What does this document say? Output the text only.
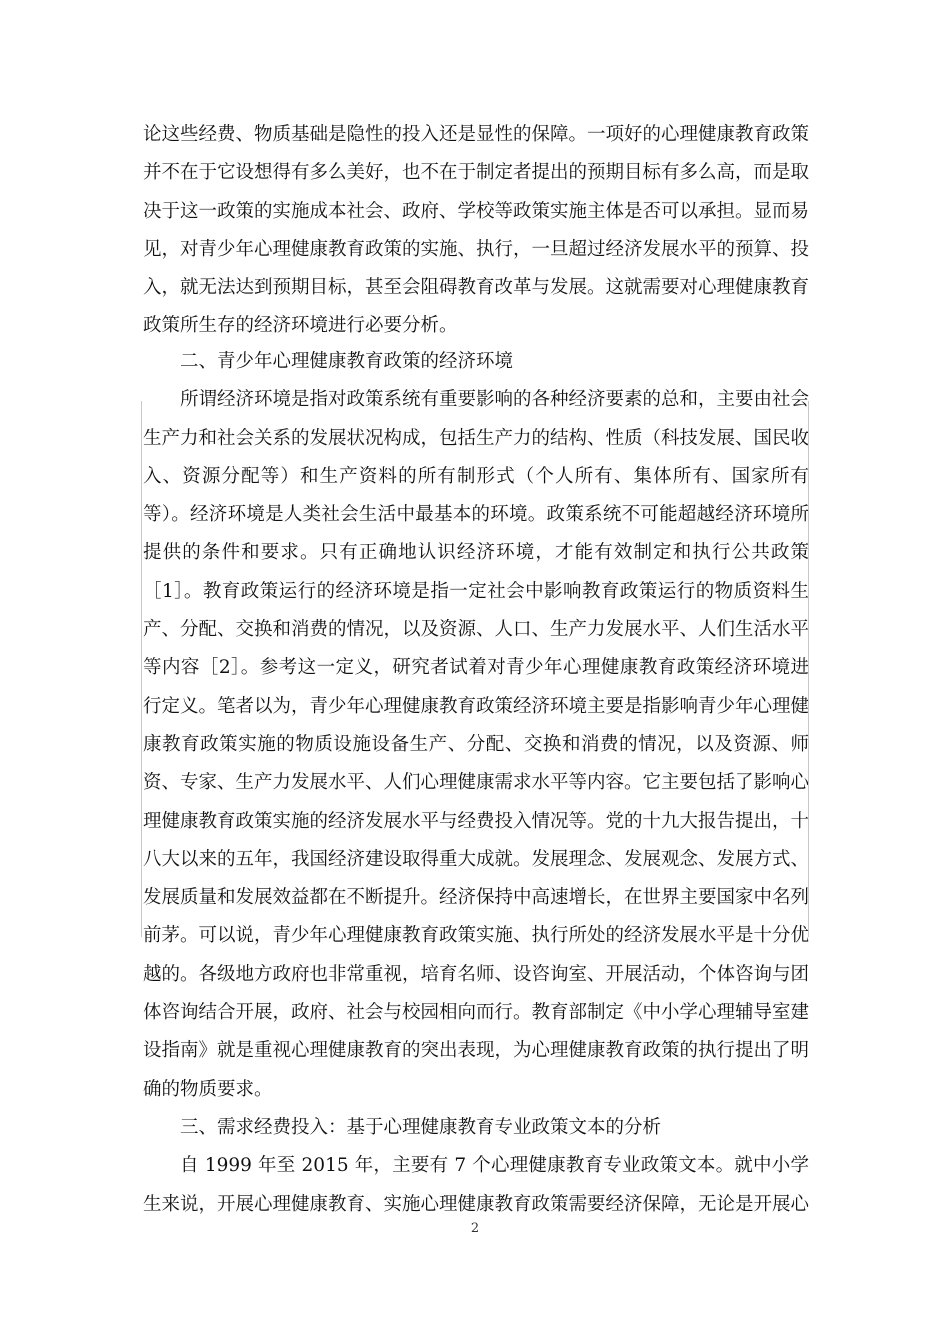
论这些经费、物质基础是隐性的投入还是显性的保障。一项好的心理健康教育政策并不在于它设想得有多么美好，也不在于制定者提出的预期目标有多么高，而是取决于这一政策的实施成本社会、政府、学校等政策实施主体是否可以承担。显而易见，对青少年心理健康教育政策的实施、执行，一旦超过经济发展水平的预算、投入，就无法达到预期目标，甚至会阻碍教育改革与发展。这就需要对心理健康教育政策所生存的经济环境进行必要分析。

二、青少年心理健康教育政策的经济环境

所谓经济环境是指对政策系统有重要影响的各种经济要素的总和，主要由社会生产力和社会关系的发展状况构成，包括生产力的结构、性质（科技发展、国民收入、资源分配等）和生产资料的所有制形式（个人所有、集体所有、国家所有等）。经济环境是人类社会生活中最基本的环境。政策系统不可能超越经济环境所提供的条件和要求。只有正确地认识经济环境，才能有效制定和执行公共政策［1］。教育政策运行的经济环境是指一定社会中影响教育政策运行的物质资料生产、分配、交换和消费的情况，以及资源、人口、生产力发展水平、人们生活水平等内容［2］。参考这一定义，研究者试着对青少年心理健康教育政策经济环境进行定义。笔者以为，青少年心理健康教育政策经济环境主要是指影响青少年心理健康教育政策实施的物质设施设备生产、分配、交换和消费的情况，以及资源、师资、专家、生产力发展水平、人们心理健康需求水平等内容。它主要包括了影响心理健康教育政策实施的经济发展水平与经费投入情况等。党的十九大报告提出，十八大以来的五年，我国经济建设取得重大成就。发展理念、发展观念、发展方式、发展质量和发展效益都在不断提升。经济保持中高速增长，在世界主要国家中名列前茅。可以说，青少年心理健康教育政策实施、执行所处的经济发展水平是十分优越的。各级地方政府也非常重视，培育名师、设咨询室、开展活动，个体咨询与团体咨询结合开展，政府、社会与校园相向而行。教育部制定《中小学心理辅导室建设指南》就是重视心理健康教育的突出表现，为心理健康教育政策的执行提出了明确的物质要求。

三、需求经费投入：基于心理健康教育专业政策文本的分析

自 1999 年至 2015 年，主要有 7 个心理健康教育专业政策文本。就中小学生来说，开展心理健康教育、实施心理健康教育政策需要经济保障，无论是开展心

2
